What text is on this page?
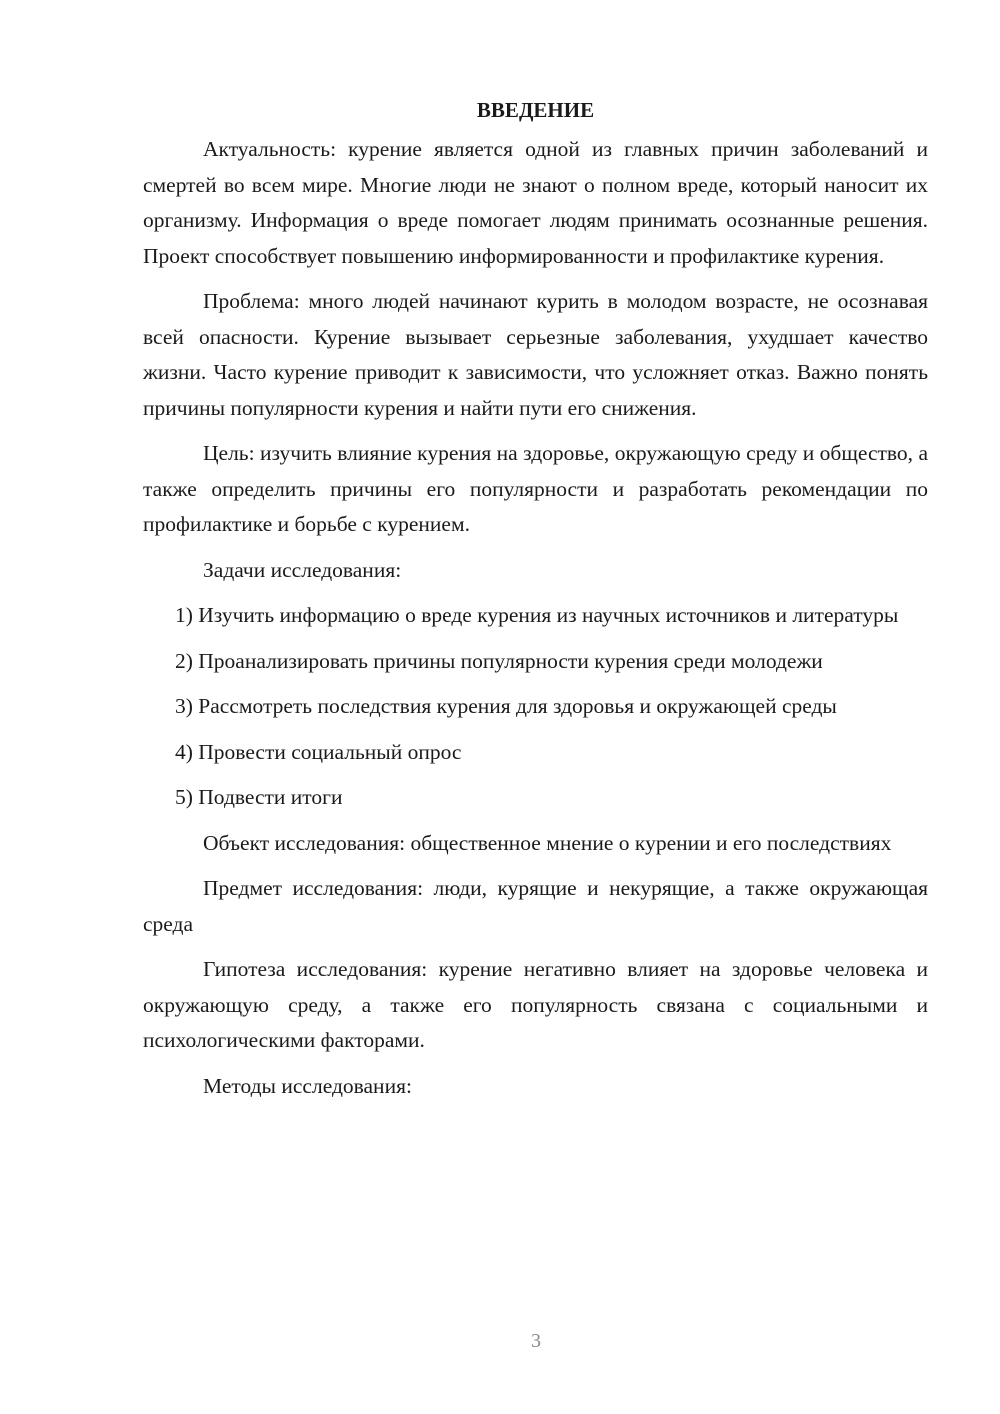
ВВЕДЕНИЕ

Актуальность: курение является одной из главных причин заболеваний и смертей во всем мире. Многие люди не знают о полном вреде, который наносит их организму. Информация о вреде помогает людям принимать осознанные решения. Проект способствует повышению информированности и профилактике курения.

Проблема: много людей начинают курить в молодом возрасте, не осознавая всей опасности. Курение вызывает серьезные заболевания, ухудшает качество жизни. Часто курение приводит к зависимости, что усложняет отказ. Важно понять причины популярности курения и найти пути его снижения.

Цель: изучить влияние курения на здоровье, окружающую среду и общество, а также определить причины его популярности и разработать рекомендации по профилактике и борьбе с курением.

Задачи исследования:

1) Изучить информацию о вреде курения из научных источников и литературы

2) Проанализировать причины популярности курения среди молодежи

3) Рассмотреть последствия курения для здоровья и окружающей среды

4) Провести социальный опрос

5) Подвести итоги

Объект исследования: общественное мнение о курении и его последствиях

Предмет исследования: люди, курящие и некурящие, а также окружающая среда

Гипотеза исследования: курение негативно влияет на здоровье человека и окружающую среду, а также его популярность связана с социальными и психологическими факторами.

Методы исследования:

3
